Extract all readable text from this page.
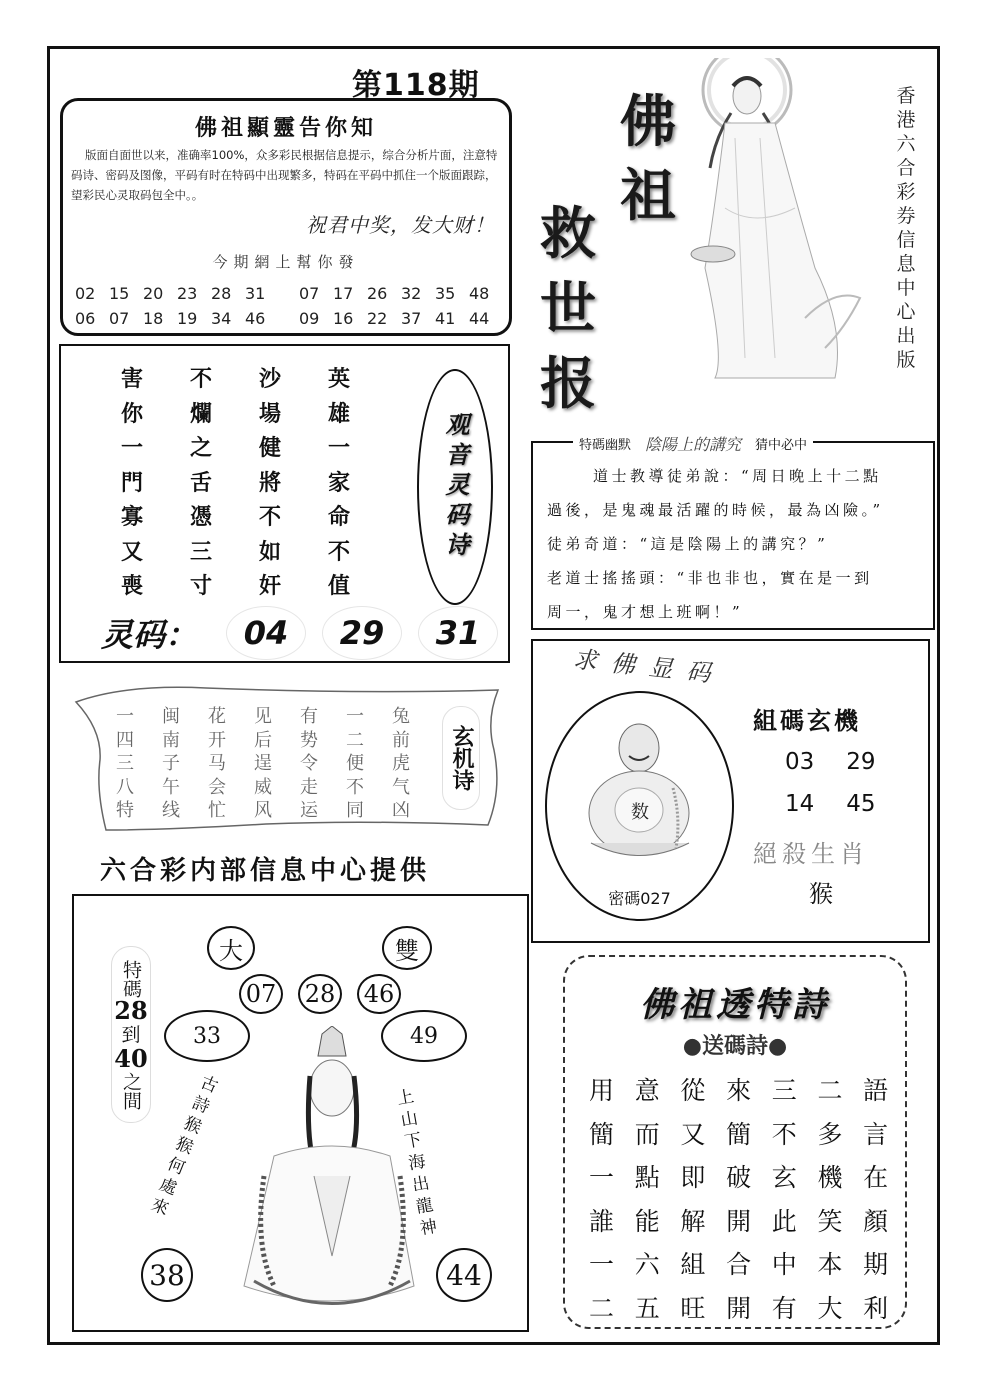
第118期
佛祖顯靈告你知
版面自面世以来，准确率100%，众多彩民根据信息提示，综合分析片面，注意特码诗、密码及图像，平码有时在特码中出现繁多，特码在平码中抓住一个版面跟踪，望彩民心灵取码包全中。。
祝君中奖，发大财！
今期網上幫你發
02 15 20 23 28 31 07 17 26 32 35 48
06 07 18 19 34 46 09 16 22 37 41 44
佛
祖
救
世
报
香港六合彩券信息中心出版
害	不	沙	英
你	爛	場	雄
一	之	健	一
門	舌	將	家
寡	憑	不	命
又	三	如	不
喪	寸	奸	值
观音灵码诗
灵码：	04	29	31
特碼幽默 陰陽上的講究 猜中必中

道士教導徒弟說：“周日晚上十二點

過後，是鬼魂最活躍的時候，最為凶險。”

徒弟奇道：“這是陰陽上的講究？”

老道士搖搖頭：“非也非也，實在是一到

周一，鬼才想上班啊！”

求佛显码
数
密碼027
組碼玄機
03 29
14 45
絕殺生肖
猴
一	闽	花	见	有	一	兔
四	南	开	后	势	二	前
三	子	马	逞	令	便	虎
八	午	会	威	走	不	气
特	线	忙	风	运	同	凶
玄机诗
六合彩内部信息中心提供
大	雙
07 28 46
33	49
38	44
特碼
28
到
40
之間	古詩猴猴何處來
上山下海出龍神
佛祖透特詩
●送碼詩●
用 意 從 來 三 二 語
簡 而 又 簡 不 多 言
一 點 即 破 玄 機 在
誰 能 解 開 此 笑 顏
一 六 組 合 中 本 期
二 五 旺 開 有 大 利
